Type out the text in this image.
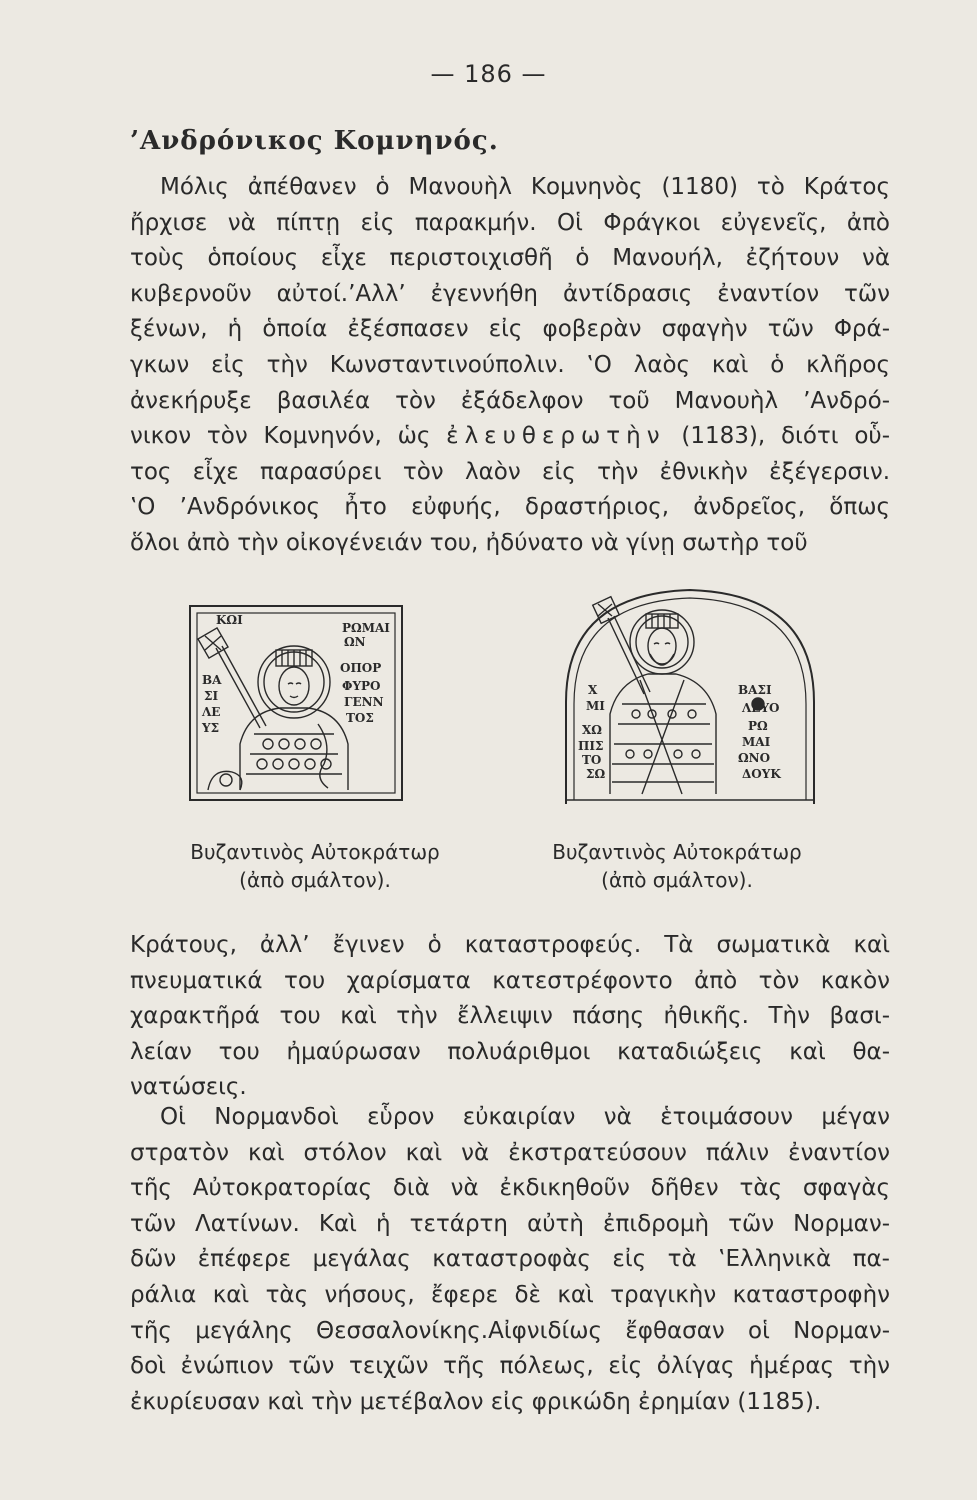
— 186 —
’Ανδρόνικος Κομνηνός.

Μόλις ἀπέθανεν ὁ Μανουὴλ Κομνηνὸς (1180) τὸ Κράτος
ἤρχισε νὰ πίπτῃ εἰς παρακμήν. Οἱ Φράγκοι εὐγενεῖς, ἀπὸ
τοὺς ὁποίους εἶχε περιστοιχισθῆ ὁ Μανουήλ, ἐζήτουν νὰ
κυβερνοῦν αὐτοί.’Αλλ’ ἐγεννήθη ἀντίδρασις ἐναντίον τῶν
ξένων, ἡ ὁποία ἐξέσπασεν εἰς φοβερὰν σφαγὴν τῶν Φρά-
γκων εἰς τὴν Κωνσταντινούπολιν. ‛Ο λαὸς καὶ ὁ κλῆρος
ἀνεκήρυξε βασιλέα τὸν ἐξάδελφον τοῦ Μανουὴλ ’Ανδρό-
νικον τὸν Κομνηνόν, ὡς ἐλευθερωτὴν (1183), διότι οὗ-
τος εἶχε παρασύρει τὸν λαὸν εἰς τὴν ἐθνικὴν ἐξέγερσιν.
‛Ο ’Ανδρόνικος ἦτο εὐφυής, δραστήριος, ἀνδρεῖος, ὅπως
ὅλοι ἀπὸ τὴν οἰκογένειάν του, ἠδύνατο νὰ γίνῃ σωτὴρ τοῦ

ΚΩΙ
ΡΩΜΑΙ
ΩΝ
ΟΠΟΡ
ΦΥΡΟ
ΓΕΝΝ
ΤΟΣ
ΒΑ
ΣΙ
ΛΕ
ΥΣ
Χ
ΜΙ
ΧΩ
ΠΙΣ
ΤΟ
ΣΩ
ΒΑΣΙ
ΛΕΥΟ
ΡΩ
ΜΑΙ
ΩΝΟ
ΔΟΥΚ
Βυζαντινὸς Αὐτοκράτωρ
(ἀπὸ σμάλτον).
Βυζαντινὸς Αὐτοκράτωρ
(ἀπὸ σμάλτον).

Κράτους, ἀλλ’ ἔγινεν ὁ καταστροφεύς. Τὰ σωματικὰ καὶ
πνευματικά του χαρίσματα κατεστρέφοντο ἀπὸ τὸν κακὸν
χαρακτῆρά του καὶ τὴν ἔλλειψιν πάσης ἠθικῆς. Τὴν βασι-
λείαν του ἠμαύρωσαν πολυάριθμοι καταδιώξεις καὶ θα-
νατώσεις.

Οἱ Νορμανδοὶ εὗρον εὐκαιρίαν νὰ ἑτοιμάσουν μέγαν
στρατὸν καὶ στόλον καὶ νὰ ἐκστρατεύσουν πάλιν ἐναντίον
τῆς Αὐτοκρατορίας διὰ νὰ ἐκδικηθοῦν δῆθεν τὰς σφαγὰς
τῶν Λατίνων. Καὶ ἡ τετάρτη αὐτὴ ἐπιδρομὴ τῶν Νορμαν-
δῶν ἐπέφερε μεγάλας καταστροφὰς εἰς τὰ ‛Ελληνικὰ πα-
ράλια καὶ τὰς νήσους, ἔφερε δὲ καὶ τραγικὴν καταστροφὴν
τῆς μεγάλης Θεσσαλονίκης.Αἰφνιδίως ἔφθασαν οἱ Νορμαν-
δοὶ ἐνώπιον τῶν τειχῶν τῆς πόλεως, εἰς ὀλίγας ἡμέρας τὴν
ἐκυρίευσαν καὶ τὴν μετέβαλον εἰς φρικώδη ἐρημίαν (1185).
